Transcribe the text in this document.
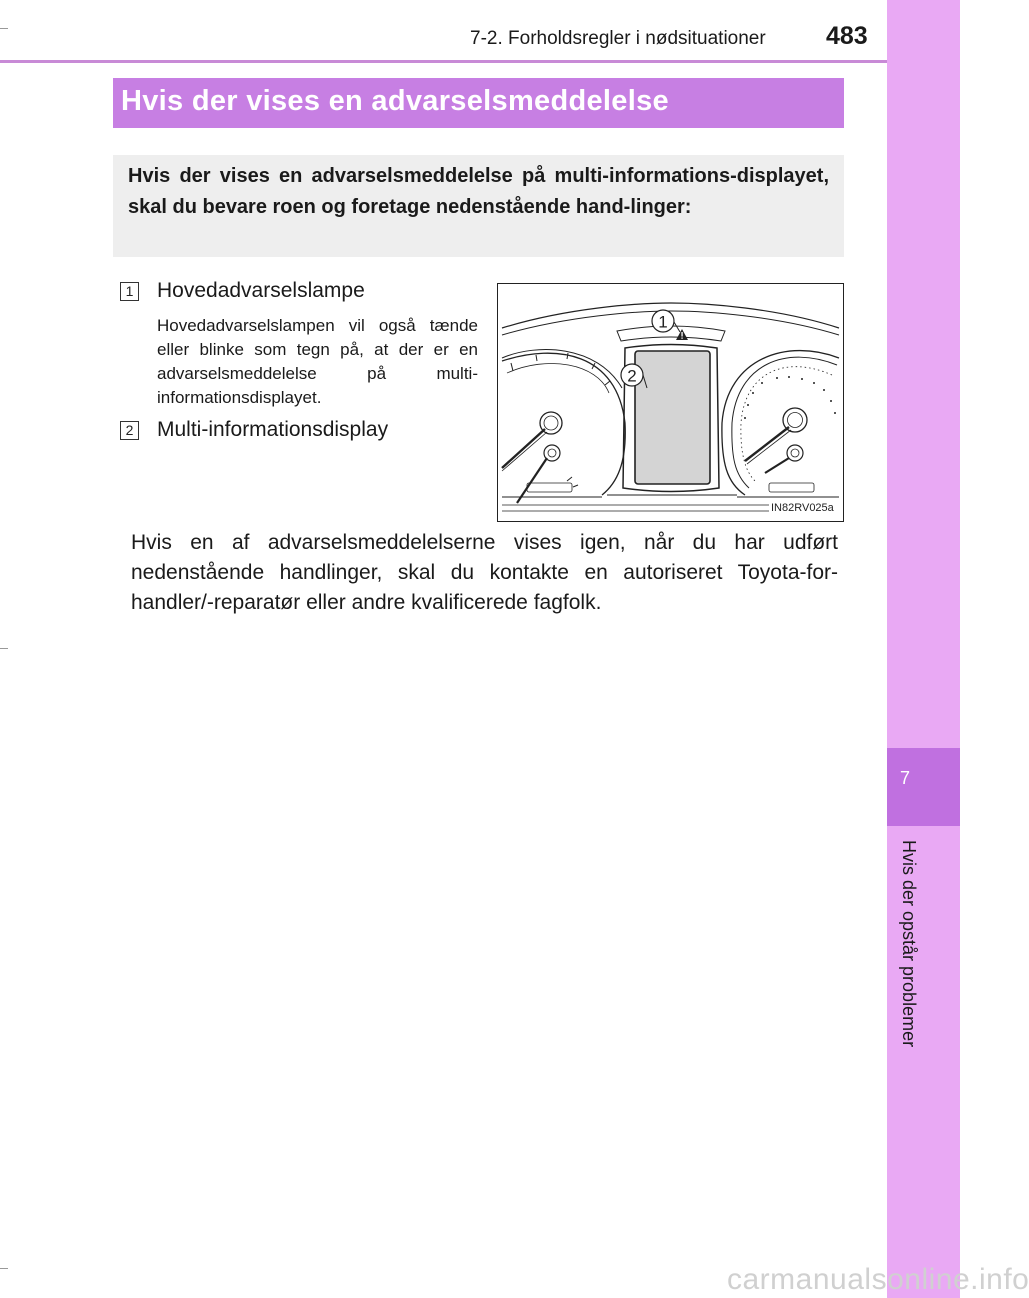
7-2. Forholdsregler i nødsituationer 483
7
Hvis der opstår problemer
Hvis der vises en advarselsmeddelelse
Hvis der vises en advarselsmeddelelse på multi-informations-displayet, skal du bevare roen og foretage nedenstående hand-linger:
1 Hovedadvarselslampe
Hovedadvarselslampen vil også tænde eller blinke som tegn på, at der er en advarselsmeddelelse på multi-informationsdisplayet.
2 Multi-informationsdisplay
1
2
IN82RV025a
Hvis en af advarselsmeddelelserne vises igen, når du har udført nedenstående handlinger, skal du kontakte en autoriseret Toyota-for-handler/-reparatør eller andre kvalificerede fagfolk.
carmanualsonline.info
